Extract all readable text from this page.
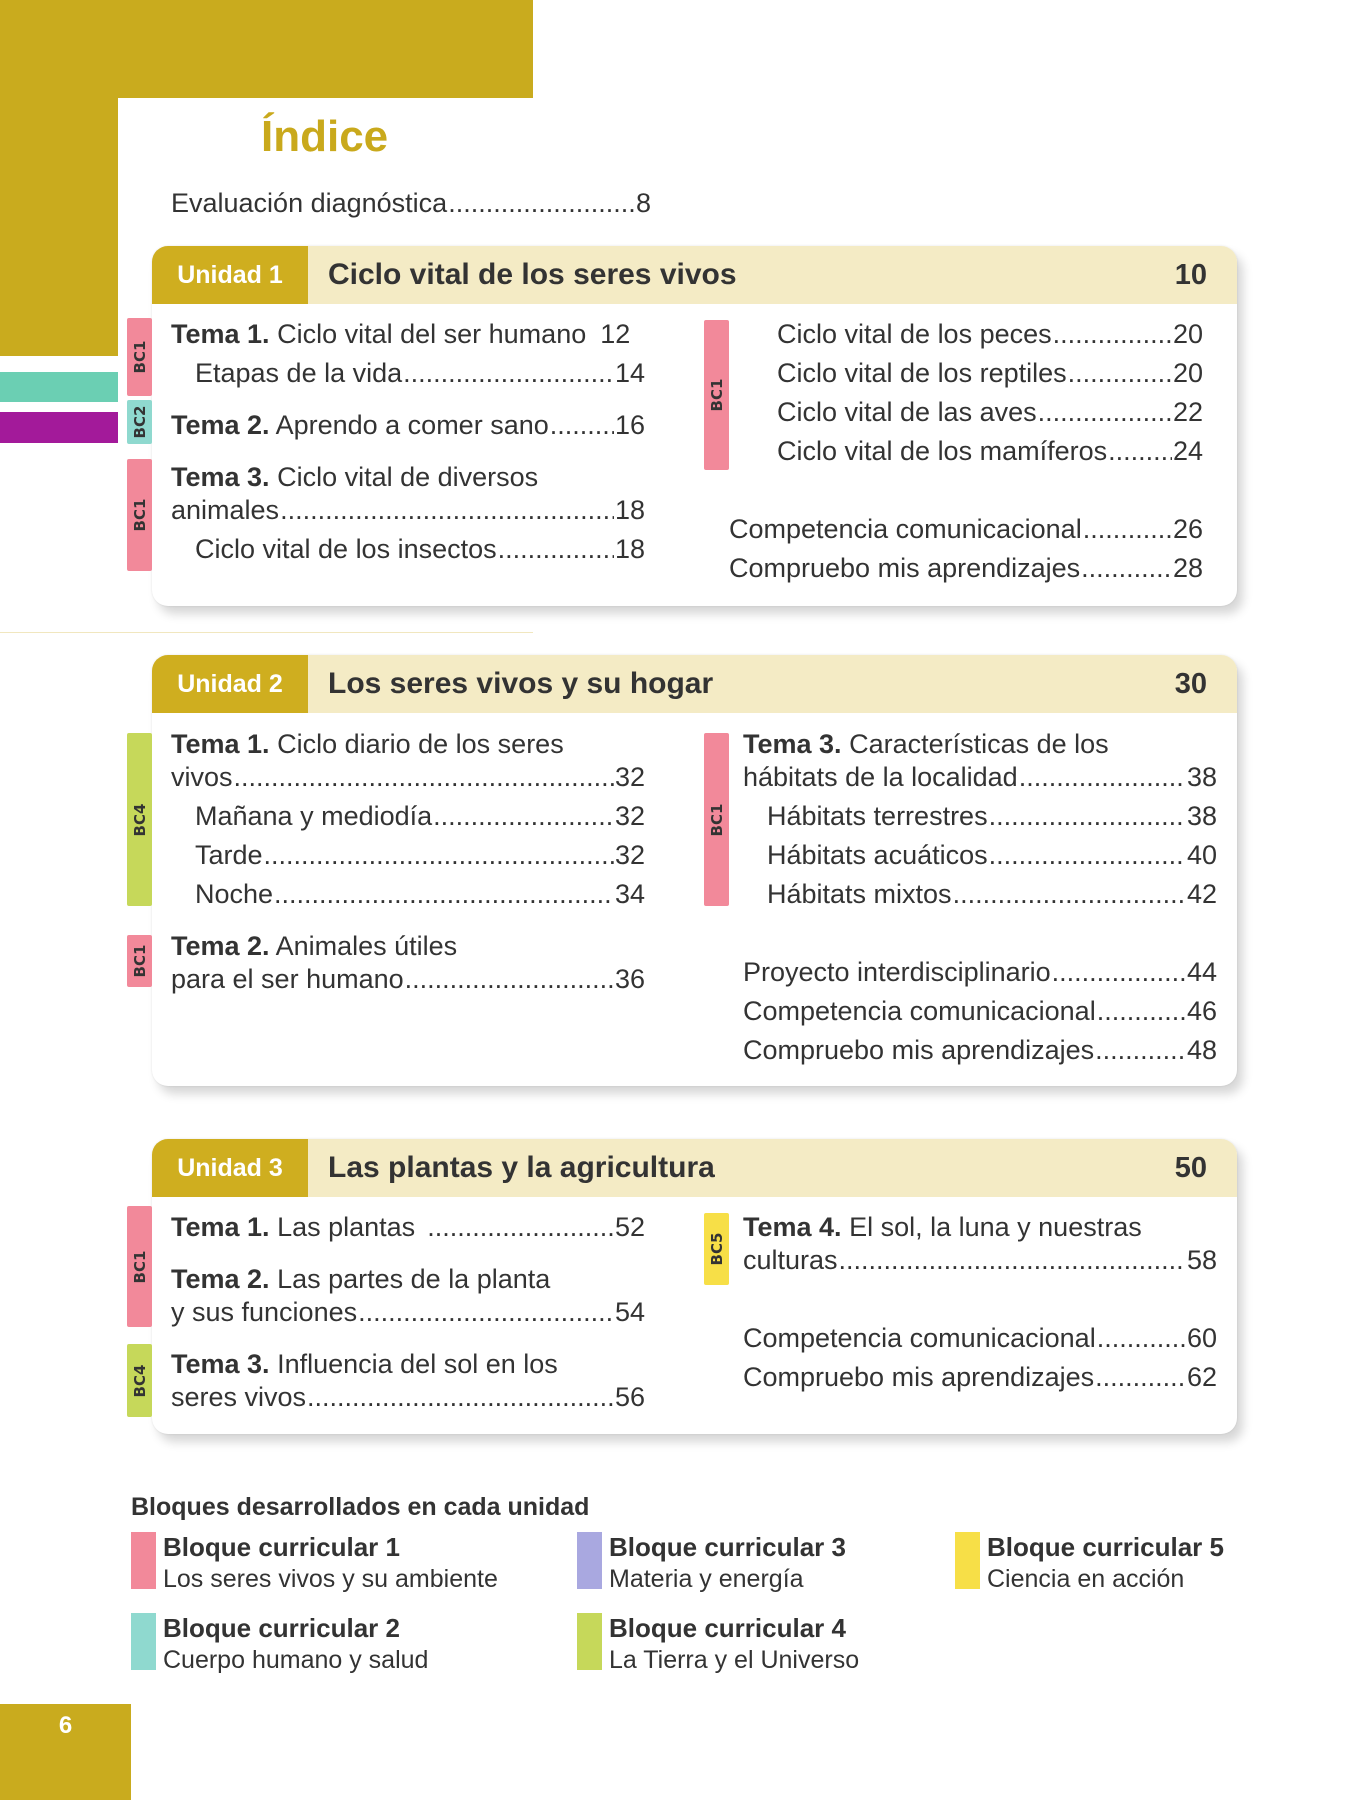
Índice
Evaluación diagnóstica .....	8
Unidad 1	Ciclo vital de los seres vivos	10
BC1
BC2
BC1
BC1
Tema 1. Ciclo vital del ser humano 12
Etapas de la vida .....	14
Tema 2. Aprendo a comer sano ..... 16
Tema 3. Ciclo vital de diversos
animales .....	18
Ciclo vital de los insectos .....	18
Ciclo vital de los peces .....	20
Ciclo vital de los reptiles .....	20
Ciclo vital de las aves .....	22
Ciclo vital de los mamíferos ..... 24
Competencia comunicacional .....	26
Compruebo mis aprendizajes .....	28
Unidad 2	Los seres vivos y su hogar	30
BC4
BC1
BC1
Tema 1. Ciclo diario de los seres
vivos .....	32
Mañana y mediodía .....	32
Tarde .....	32
Noche .....	34
Tema 2. Animales útiles
para el ser humano .....	36
Tema 3. Características de los
hábitats de la localidad .....	38
Hábitats terrestres .....	38
Hábitats acuáticos .....	40
Hábitats mixtos .....	42
Proyecto interdisciplinario .....	44
Competencia comunicacional .....	46
Compruebo mis aprendizajes .....	48
Unidad 3	Las plantas y la agricultura	50
BC1
BC4
BC5
Tema 1. Las plantas .....	52
Tema 2. Las partes de la planta
y sus funciones .....	54
Tema 3. Influencia del sol en los
seres vivos .....	56
Tema 4. El sol, la luna y nuestras
culturas .....	58
Competencia comunicacional .....	60
Compruebo mis aprendizajes .....	62
Bloques desarrollados en cada unidad
Bloque curricular 1
Los seres vivos y su ambiente
Bloque curricular 2
Cuerpo humano y salud
Bloque curricular 3
Materia y energía
Bloque curricular 4
La Tierra y el Universo
Bloque curricular 5
Ciencia en acción
6
